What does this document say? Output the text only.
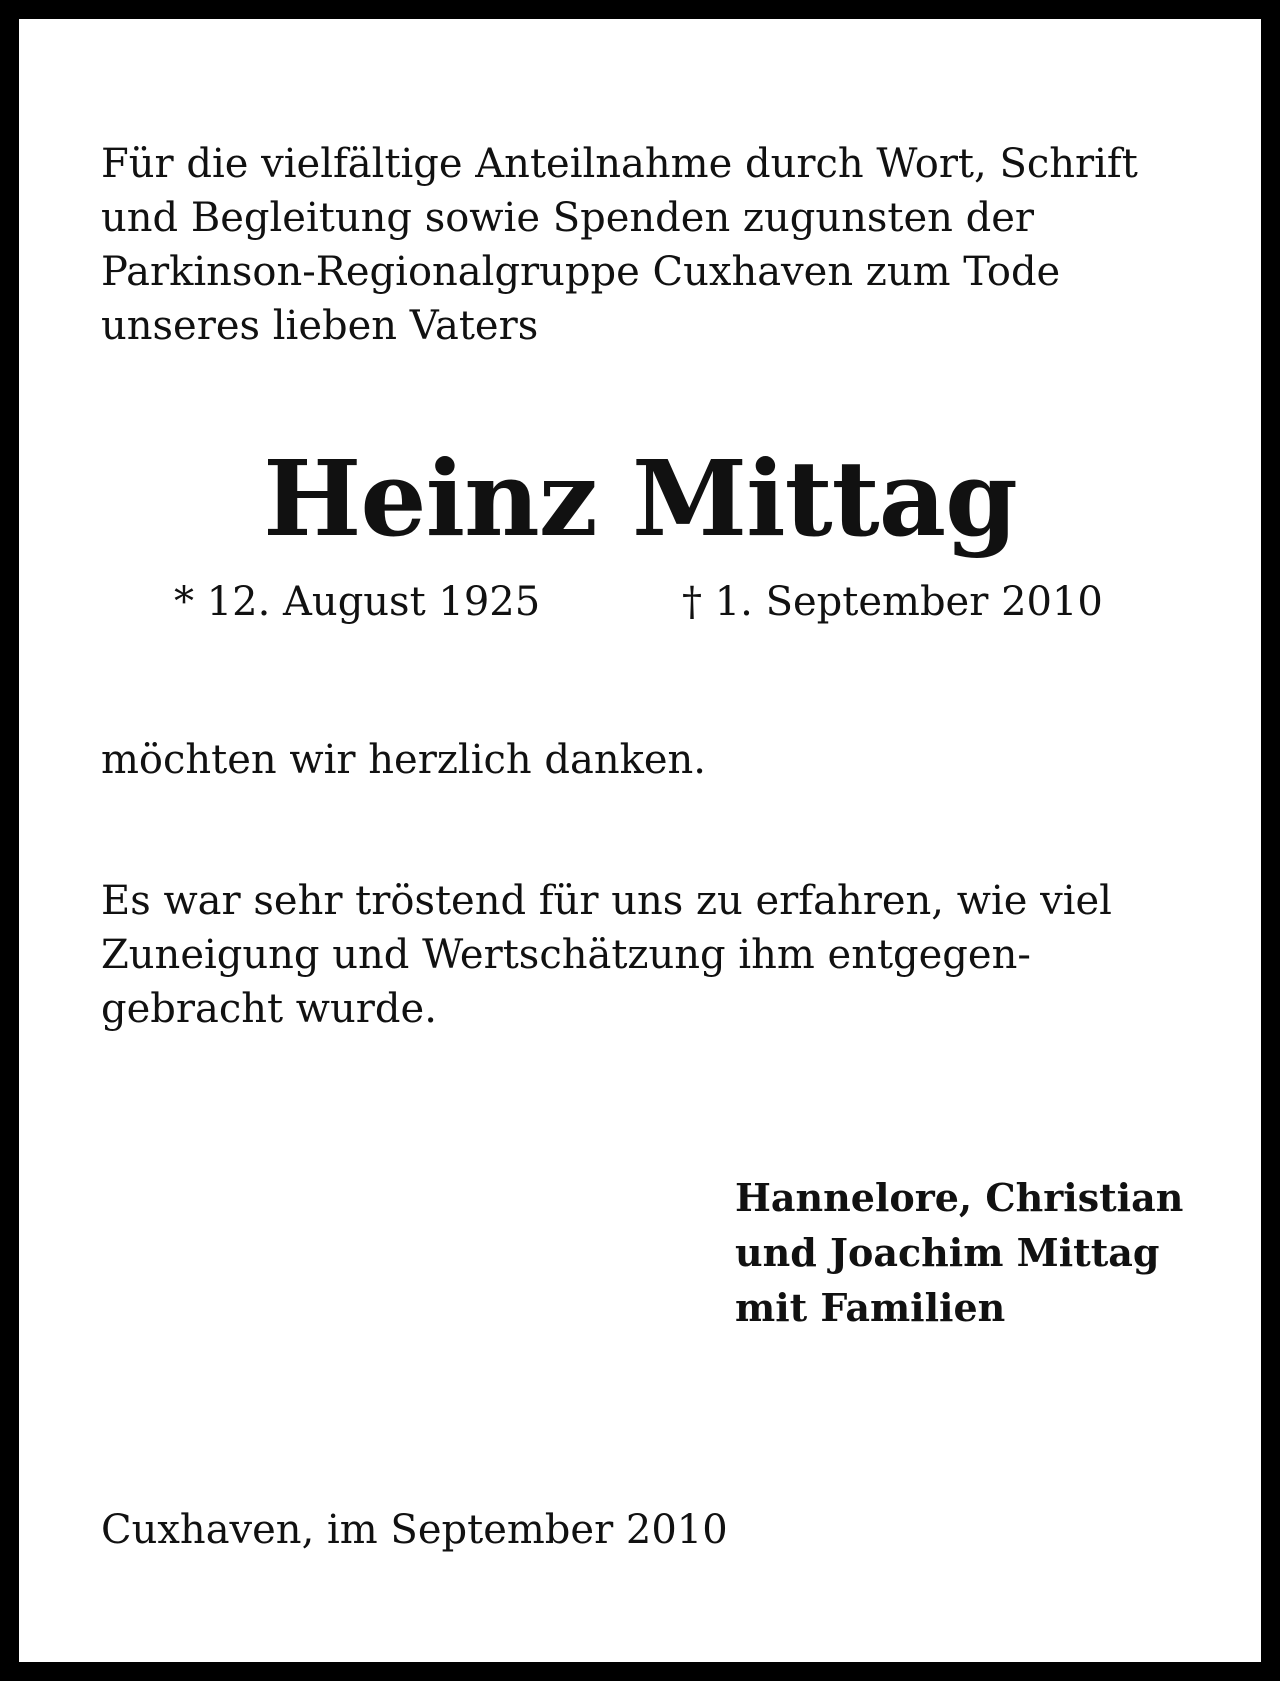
Für die vielfältige Anteilnahme durch Wort, Schrift
und Begleitung sowie Spenden zugunsten der
Parkinson-Regionalgruppe Cuxhaven zum Tode
unseres lieben Vaters
Heinz Mittag
* 12. August 1925	† 1. September 2010
möchten wir herzlich danken.
Es war sehr tröstend für uns zu erfahren, wie viel
Zuneigung und Wertschätzung ihm entgegen-
gebracht wurde.
Hannelore, Christian
und Joachim Mittag
mit Familien
Cuxhaven, im September 2010
